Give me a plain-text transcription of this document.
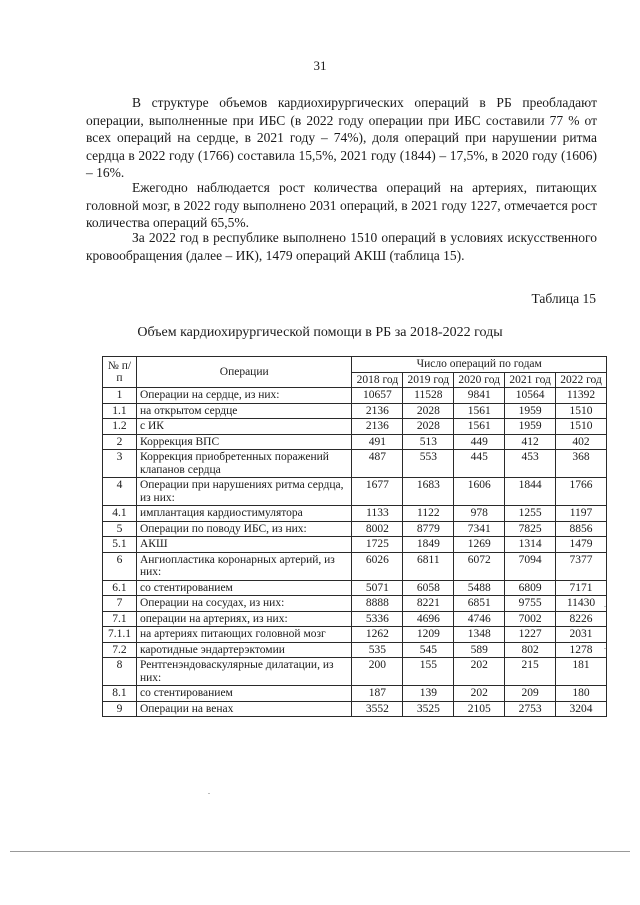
31

В структуре объемов кардиохирургических операций в РБ преобладают операции, выполненные при ИБС (в 2022 году операции при ИБС составили 77 % от всех операций на сердце, в 2021 году – 74%), доля операций при нарушении ритма сердца в 2022 году (1766) составила 15,5%, 2021 году (1844) – 17,5%, в 2020 году (1606) – 16%.

Ежегодно наблюдается рост количества операций на артериях, питающих головной мозг, в 2022 году выполнено 2031 операций, в 2021 году 1227, отмечается рост количества операций 65,5%.

За 2022 год в республике выполнено 1510 операций в условиях искусственного кровообращения (далее – ИК), 1479 операций АКШ (таблица 15).

Таблица 15
Объем кардиохирургической помощи в РБ за 2018-2022 годы
№ п/п	Операции	Число операций по годам				
		2018 год	2019 год	2020 год	2021 год	2022 год
1	Операции на сердце, из них:	10657	11528	9841	10564	11392
1.1	на открытом сердце	2136	2028	1561	1959	1510
1.2	с ИК	2136	2028	1561	1959	1510
2	Коррекция ВПС	491	513	449	412	402
3	Коррекция приобретенных поражений клапанов сердца	487	553	445	453	368
4	Операции при нарушениях ритма сердца, из них:	1677	1683	1606	1844	1766
4.1	имплантация кардиостимулятора	1133	1122	978	1255	1197
5	Операции по поводу ИБС, из них:	8002	8779	7341	7825	8856
5.1	АКШ	1725	1849	1269	1314	1479
6	Ангиопластика коронарных артерий, из них:	6026	6811	6072	7094	7377
6.1	со стентированием	5071	6058	5488	6809	7171
7	Операции на сосудах, из них:	8888	8221	6851	9755	11430
7.1	операции на артериях, из них:	5336	4696	4746	7002	8226
7.1.1	на артериях питающих головной мозг	1262	1209	1348	1227	2031
7.2	каротидные эндартерэктомии	535	545	589	802	1278
8	Рентгенэндоваскулярные дилатации, из них:	200	155	202	215	181
8.1	со стентированием	187	139	202	209	180
9	Операции на венах	3552	3525	2105	2753	3204
